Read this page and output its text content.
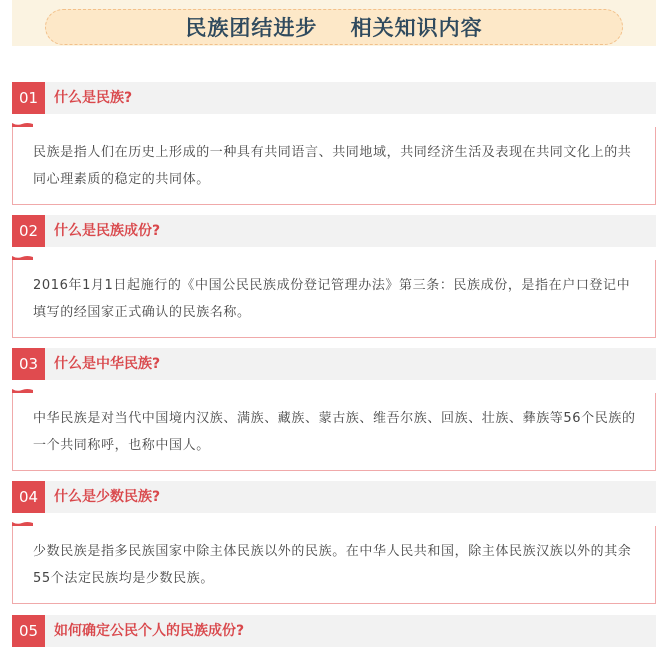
民族团结进步    相关知识内容
01	什么是民族?
民族是指人们在历史上形成的一种具有共同语言、共同地域，共同经济生活及表现在共同文化上的共同心理素质的稳定的共同体。
02	什么是民族成份?
2016年1月1日起施行的《中国公民民族成份登记管理办法》第三条：民族成份，是指在户口登记中填写的经国家正式确认的民族名称。
03	什么是中华民族?
中华民族是对当代中国境内汉族、满族、藏族、蒙古族、维吾尔族、回族、壮族、彝族等56个民族的一个共同称呼，也称中国人。
04	什么是少数民族?
少数民族是指多民族国家中除主体民族以外的民族。在中华人民共和国，除主体民族汉族以外的其余55个法定民族均是少数民族。
05	如何确定公民个人的民族成份?
